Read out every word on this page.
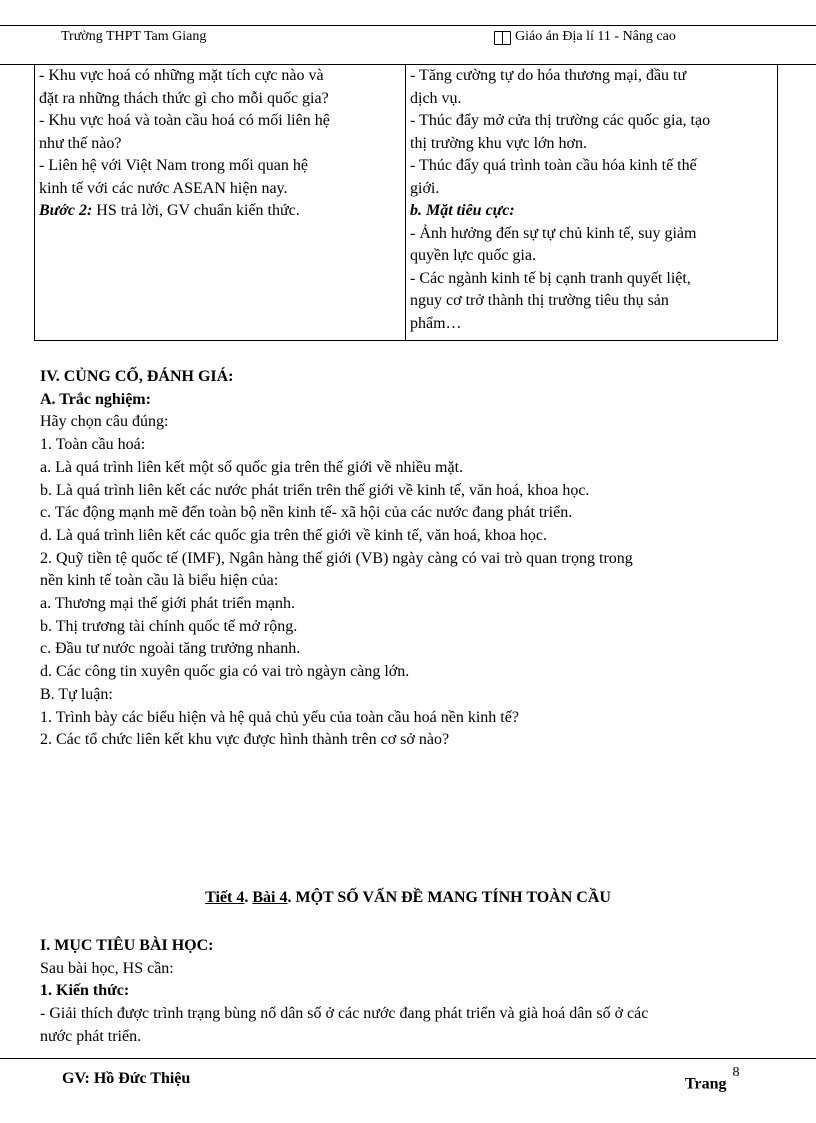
Trường THPT Tam Giang	Giáo án Địa lí 11 - Nâng cao
- Khu vực hoá có những mặt tích cực nào và
đặt ra những thách thức gì cho mỗi quốc gia?
- Khu vực hoá và toàn cầu hoá có mối liên hệ
như thế nào?
- Liên hệ với Việt Nam trong mối quan hệ
kinh tế với các nước ASEAN hiện nay.
Bước 2: HS trả lời, GV chuẩn kiến thức.

- Tăng cường tự do hóa thương mại, đầu tư
dịch vụ.
- Thúc đẩy mở cửa thị trường các quốc gia, tạo
thị trường khu vực lớn hơn.
- Thúc đẩy quá trình toàn cầu hóa kinh tế thế
giới.
b. Mặt tiêu cực:
- Ảnh hưởng đến sự tự chủ kinh tế, suy giảm
quyền lực quốc gia.
- Các ngành kinh tế bị cạnh tranh quyết liệt,
nguy cơ trở thành thị trường tiêu thụ sản
phẩm…

IV. CỦNG CỐ, ĐÁNH GIÁ:

A. Trắc nghiệm:

Hãy chọn câu đúng:

1. Toàn cầu hoá:

a. Là quá trình liên kết một số quốc gia trên thế giới về nhiều mặt.

b. Là quá trình liên kết các nước phát triển trên thế giới về kinh tế, văn hoá, khoa học.

c. Tác động mạnh mẽ đến toàn bộ nền kinh tế- xã hội của các nước đang phát triển.

d. Là quá trình liên kết các quốc gia trên thế giới về kinh tế, văn hoá, khoa học.

2. Quỹ tiền tệ quốc tế (IMF), Ngân hàng thế giới (VB) ngày càng có vai trò quan trọng trong

nền kinh tế toàn cầu là biểu hiện của:

a. Thương mại thế giới phát triển mạnh.

b. Thị trương tài chính quốc tế mở rộng.

c. Đầu tư nước ngoài tăng trưởng nhanh.

d. Các công tin xuyên quốc gia có vai trò ngàyn càng lớn.

B. Tự luận:

1. Trình bày các biểu hiện và hệ quả chủ yếu của toàn cầu hoá nền kinh tế?

2. Các tổ chức liên kết khu vực được hình thành trên cơ sở nào?

Tiết 4. Bài 4. MỘT SỐ VẤN ĐỀ MANG TÍNH TOÀN CẦU

I. MỤC TIÊU BÀI HỌC:

Sau bài học, HS cần:

1. Kiến thức:

- Giải thích được trình trạng bùng nổ dân số ở các nước đang phát triển và già hoá dân số ở các

nước phát triển.

GV: Hồ Đức Thiệu	Trang$^8$
